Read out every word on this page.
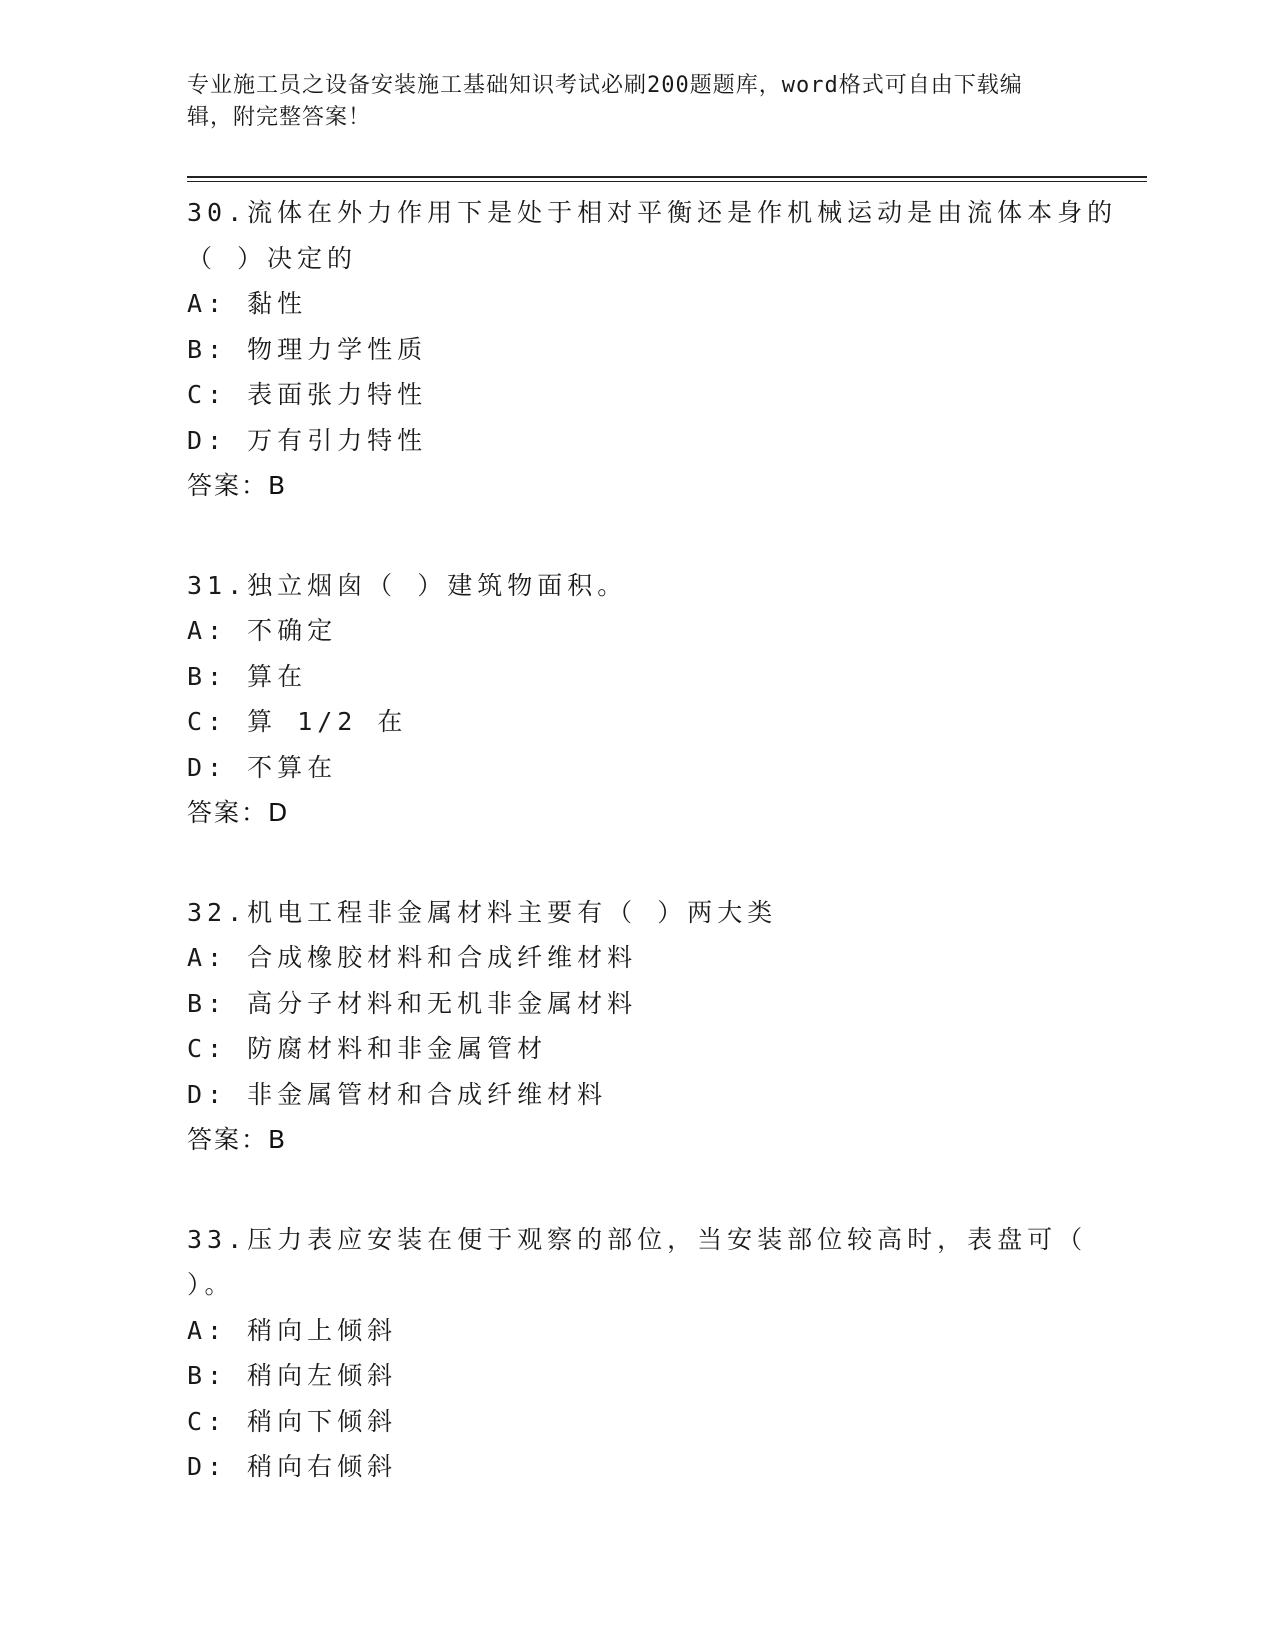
专业施工员之设备安装施工基础知识考试必刷200题题库，word格式可自由下载编辑，附完整答案！
30.流体在外力作用下是处于相对平衡还是作机械运动是由流体本身的
（ ）决定的
A: 黏性
B: 物理力学性质
C: 表面张力特性
D: 万有引力特性
答案：B
31.独立烟囱（ ）建筑物面积。
A: 不确定
B: 算在
C: 算 1/2 在
D: 不算在
答案：D
32.机电工程非金属材料主要有（ ）两大类
A: 合成橡胶材料和合成纤维材料
B: 高分子材料和无机非金属材料
C: 防腐材料和非金属管材
D: 非金属管材和合成纤维材料
答案：B
33.压力表应安装在便于观察的部位，当安装部位较高时，表盘可（
）。
A: 稍向上倾斜
B: 稍向左倾斜
C: 稍向下倾斜
D: 稍向右倾斜
